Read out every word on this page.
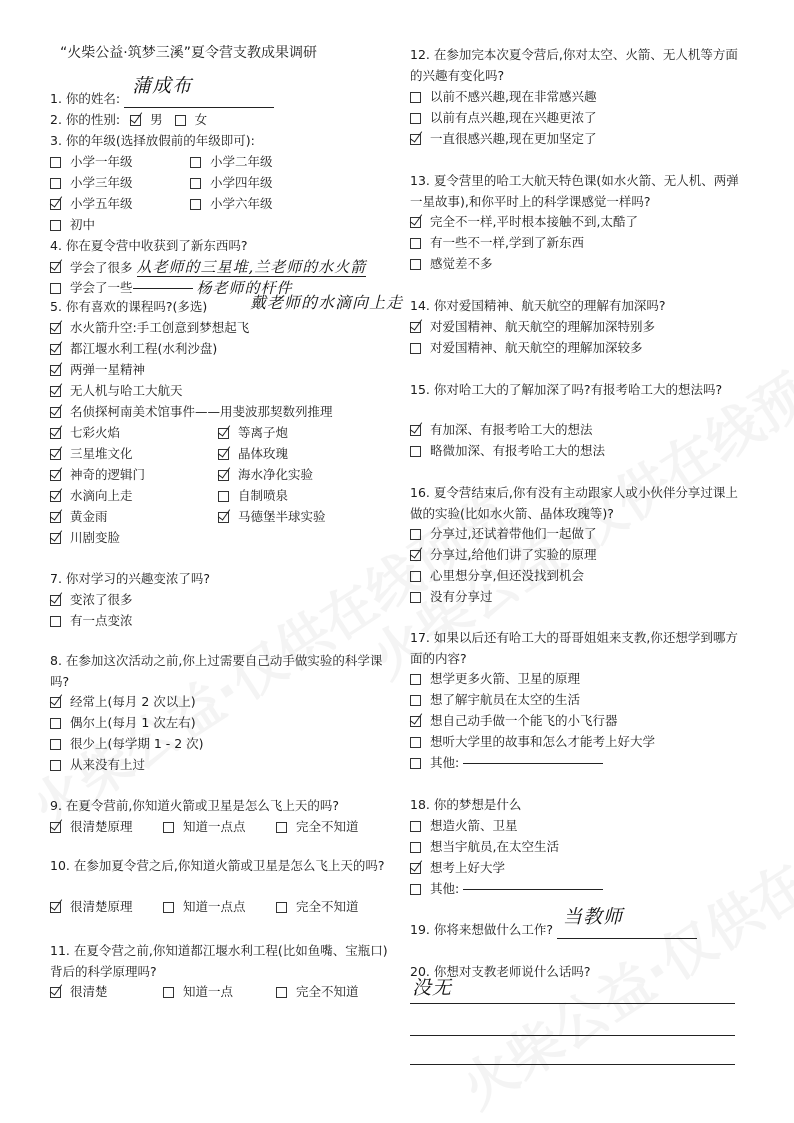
“火柴公益·筑梦三溪”夏令营支教成果调研
1. 你的姓名:
蒲成布
2. 你的性别: 男	女
3. 你的年级(选择放假前的年级即可):
小学一年级	小学二年级
小学三年级	小学四年级
小学五年级	小学六年级
初中
4. 你在夏令营中收获到了新东西吗?
学会了很多 从老师的三星堆,兰老师的水火箭
学会了一些	杨老师的杆件
戴老师的水滴向上走
5. 你有喜欢的课程吗?(多选)
水火箭升空:手工创意到梦想起飞
都江堰水利工程(水利沙盘)
两弹一星精神
无人机与哈工大航天
名侦探柯南美术馆事件——用斐波那契数列推理
七彩火焰	等离子炮
三星堆文化	晶体玫瑰
神奇的逻辑门	海水净化实验
水滴向上走	自制喷泉
黄金雨	马德堡半球实验
川剧变脸
7. 你对学习的兴趣变浓了吗?
变浓了很多
有一点变浓
8. 在参加这次活动之前,你上过需要自己动手做实验的科学课吗?
经常上(每月 2 次以上)
偶尔上(每月 1 次左右)
很少上(每学期 1 - 2 次)
从来没有上过
9. 在夏令营前,你知道火箭或卫星是怎么飞上天的吗?
很清楚原理	知道一点点	完全不知道
10. 在参加夏令营之后,你知道火箭或卫星是怎么飞上天的吗?
很清楚原理	知道一点点	完全不知道
11. 在夏令营之前,你知道都江堰水利工程(比如鱼嘴、宝瓶口)背后的科学原理吗?
很清楚	知道一点	完全不知道
12. 在参加完本次夏令营后,你对太空、火箭、无人机等方面的兴趣有变化吗?
以前不感兴趣,现在非常感兴趣
以前有点兴趣,现在兴趣更浓了
一直很感兴趣,现在更加坚定了
13. 夏令营里的哈工大航天特色课(如水火箭、无人机、两弹一星故事),和你平时上的科学课感觉一样吗?
完全不一样,平时根本接触不到,太酷了
有一些不一样,学到了新东西
感觉差不多
14. 你对爱国精神、航天航空的理解有加深吗?
对爱国精神、航天航空的理解加深特别多
对爱国精神、航天航空的理解加深较多
15. 你对哈工大的了解加深了吗?有报考哈工大的想法吗?
有加深、有报考哈工大的想法
略微加深、有报考哈工大的想法
16. 夏令营结束后,你有没有主动跟家人或小伙伴分享过课上做的实验(比如水火箭、晶体玫瑰等)?
分享过,还试着带他们一起做了
分享过,给他们讲了实验的原理
心里想分享,但还没找到机会
没有分享过
17. 如果以后还有哈工大的哥哥姐姐来支教,你还想学到哪方面的内容?
想学更多火箭、卫星的原理
想了解宇航员在太空的生活
想自己动手做一个能飞的小飞行器
想听大学里的故事和怎么才能考上好大学
其他:
18. 你的梦想是什么
想造火箭、卫星
想当宇航员,在太空生活
想考上好大学
其他:
19. 你将来想做什么工作?
当教师
20. 你想对支教老师说什么话吗?
没无
